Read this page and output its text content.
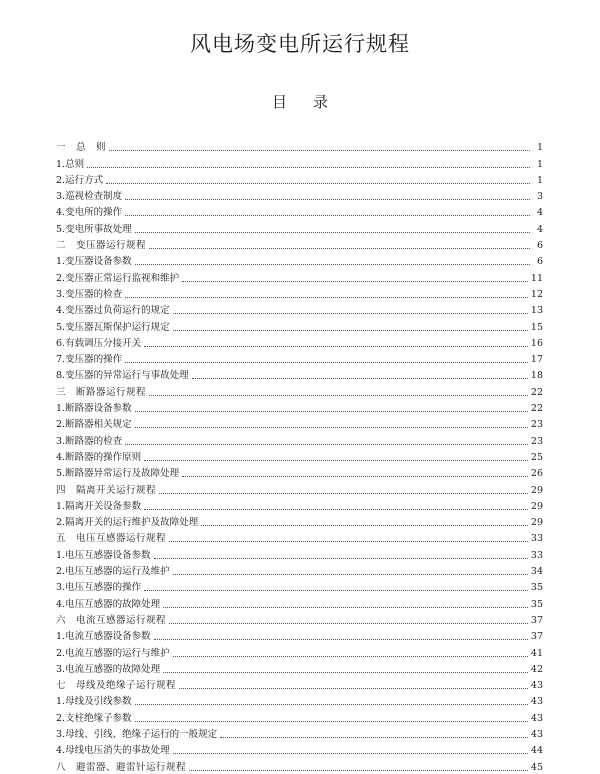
风电场变电所运行规程
目录
一　总　则	1
1.总则	1
2.运行方式	1
3.巡视检查制度	3
4.变电所的操作	4
5.变电所事故处理	4
二　变压器运行规程	6
1.变压器设备参数	6
2.变压器正常运行监视和维护	11
3.变压器的检查	12
4.变压器过负荷运行的规定	13
5.变压器瓦斯保护运行规定	15
6.有载调压分接开关	16
7.变压器的操作	17
8.变压器的异常运行与事故处理	18
三　断路器运行规程	22
1.断路器设备参数	22
2.断路器相关规定	23
3.断路器的检查	23
4.断路器的操作原则	25
5.断路器异常运行及故障处理	26
四　隔离开关运行规程	29
1.隔离开关设备参数	29
2.隔离开关的运行维护及故障处理	29
五　电压互感器运行规程	33
1.电压互感器设备参数	33
2.电压互感器的运行及维护	34
3.电压互感器的操作	35
4.电压互感器的故障处理	35
六　电流互感器运行规程	37
1.电流互感器设备参数	37
2.电流互感器的运行与维护	41
3.电流互感器的故障处理	42
七　母线及绝缘子运行规程	43
1.母线及引线参数	43
2.支柱绝缘子参数	43
3.母线、引线、绝缘子运行的一般规定	43
4.母线电压消失的事故处理	44
八　避雷器、避雷针运行规程	45
